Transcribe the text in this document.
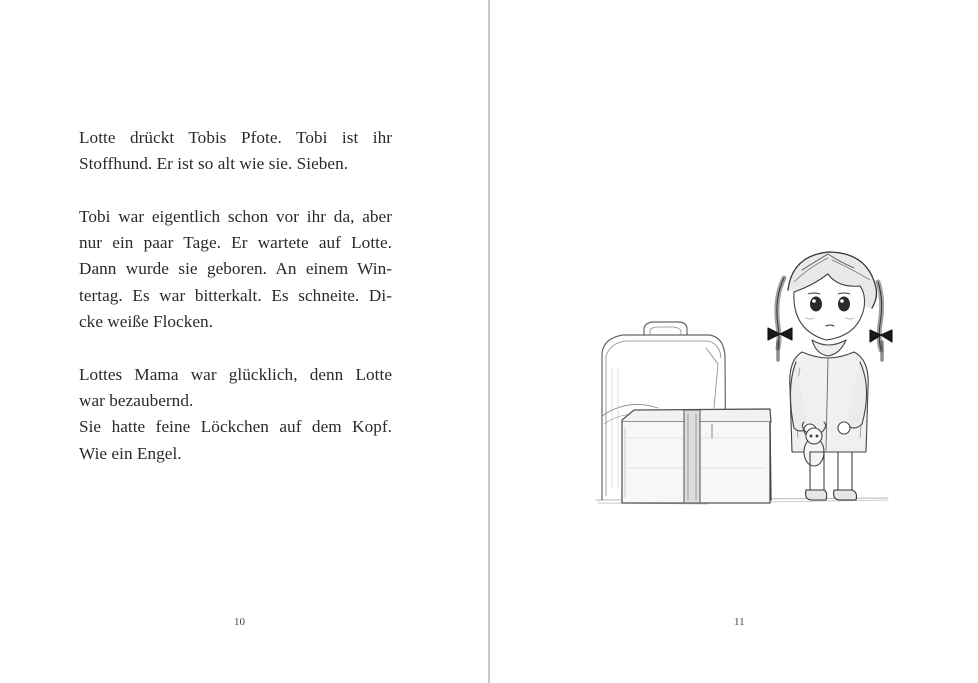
Lotte drückt Tobis Pfote. Tobi ist ihr
Stoffhund. Er ist so alt wie sie. Sieben.

Tobi war eigentlich schon vor ihr da, aber
nur ein paar Tage. Er wartete auf Lotte.
Dann wurde sie geboren. An einem Win-
tertag. Es war bitterkalt. Es schneite. Di-
cke weiße Flocken.

Lottes Mama war glücklich, denn Lotte
war bezaubernd.
Sie hatte feine Löckchen auf dem Kopf.
Wie ein Engel.

10	11
